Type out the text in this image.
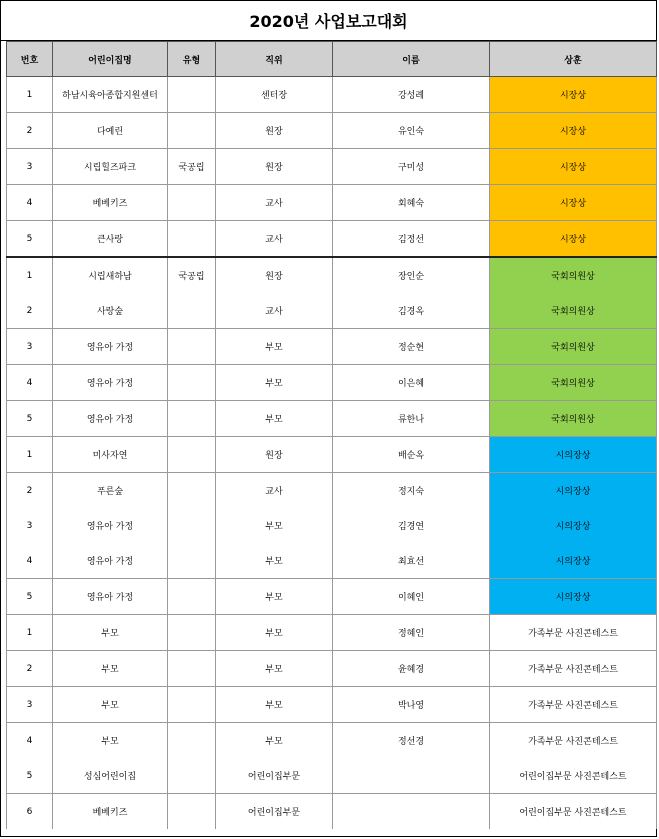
2020년 사업보고대회
번호	어린이집명	유형	직위	이름	상훈
1	하남시육아종합지원센터		센터장	강성례	시장상
2	다예린		원장	유인숙	시장상
3	시립힐즈파크	국공립	원장	구미성	시장상
4	베베키즈		교사	회혜숙	시장상
5	큰사랑		교사	김정선	시장상
1	시립새하남	국공립	원장	장인순	국회의원상
2	사랑숲		교사	김경옥	국회의원상
3	영유아 가정		부모	정순현	국회의원상
4	영유아 가정		부모	이은혜	국회의원상
5	영유아 가정		부모	류한나	국회의원상
1	미사자연		원장	배순옥	시의장상
2	푸른숲		교사	정지숙	시의장상
3	영유아 가정		부모	김경연	시의장상
4	영유아 가정		부모	최효선	시의장상
5	영유아 가정		부모	이혜인	시의장상
1	부모		부모	정혜인	가족부문 사진콘테스트
2	부모		부모	윤혜경	가족부문 사진콘테스트
3	부모		부모	박나영	가족부문 사진콘테스트
4	부모		부모	정선경	가족부문 사진콘테스트
5	성심어린이집		어린이집부문		어린이집부문 사진콘테스트
6	베베키즈		어린이집부문		어린이집부문 사진콘테스트
